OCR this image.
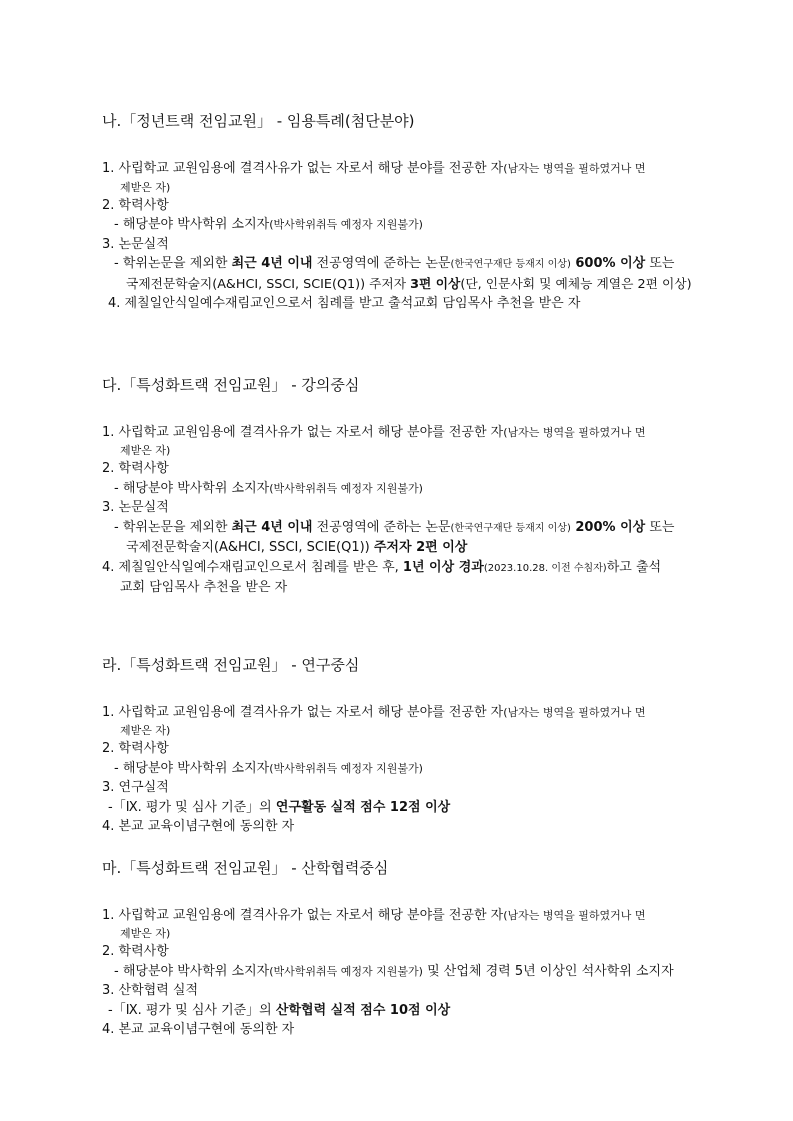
나.「정년트랙 전임교원」 - 임용특례(첨단분야)
1. 사립학교 교원임용에 결격사유가 없는 자로서 해당 분야를 전공한 자(남자는 병역을 필하였거나 면
제받은 자)
2. 학력사항
- 해당분야 박사학위 소지자(박사학위취득 예정자 지원불가)
3. 논문실적
- 학위논문을 제외한 최근 4년 이내 전공영역에 준하는 논문(한국연구재단 등재지 이상) 600% 이상 또는
국제전문학술지(A&HCI, SSCI, SCIE(Q1)) 주저자 3편 이상(단, 인문사회 및 예체능 계열은 2편 이상)
4. 제칠일안식일예수재림교인으로서 침례를 받고 출석교회 담임목사 추천을 받은 자
다.「특성화트랙 전임교원」 - 강의중심
1. 사립학교 교원임용에 결격사유가 없는 자로서 해당 분야를 전공한 자(남자는 병역을 필하였거나 면
제받은 자)
2. 학력사항
- 해당분야 박사학위 소지자(박사학위취득 예정자 지원불가)
3. 논문실적
- 학위논문을 제외한 최근 4년 이내 전공영역에 준하는 논문(한국연구재단 등재지 이상) 200% 이상 또는
국제전문학술지(A&HCI, SSCI, SCIE(Q1)) 주저자 2편 이상
4. 제칠일안식일예수재림교인으로서 침례를 받은 후, 1년 이상 경과(2023.10.28. 이전 수침자)하고 출석
교회 담임목사 추천을 받은 자
라.「특성화트랙 전임교원」 - 연구중심
1. 사립학교 교원임용에 결격사유가 없는 자로서 해당 분야를 전공한 자(남자는 병역을 필하였거나 면
제받은 자)
2. 학력사항
- 해당분야 박사학위 소지자(박사학위취득 예정자 지원불가)
3. 연구실적
-「Ⅸ. 평가 및 심사 기준」의 연구활동 실적 점수 12점 이상
4. 본교 교육이념구현에 동의한 자
마.「특성화트랙 전임교원」 - 산학협력중심
1. 사립학교 교원임용에 결격사유가 없는 자로서 해당 분야를 전공한 자(남자는 병역을 필하였거나 면
제받은 자)
2. 학력사항
- 해당분야 박사학위 소지자(박사학위취득 예정자 지원불가) 및 산업체 경력 5년 이상인 석사학위 소지자
3. 산학협력 실적
-「Ⅸ. 평가 및 심사 기준」의 산학협력 실적 점수 10점 이상
4. 본교 교육이념구현에 동의한 자
